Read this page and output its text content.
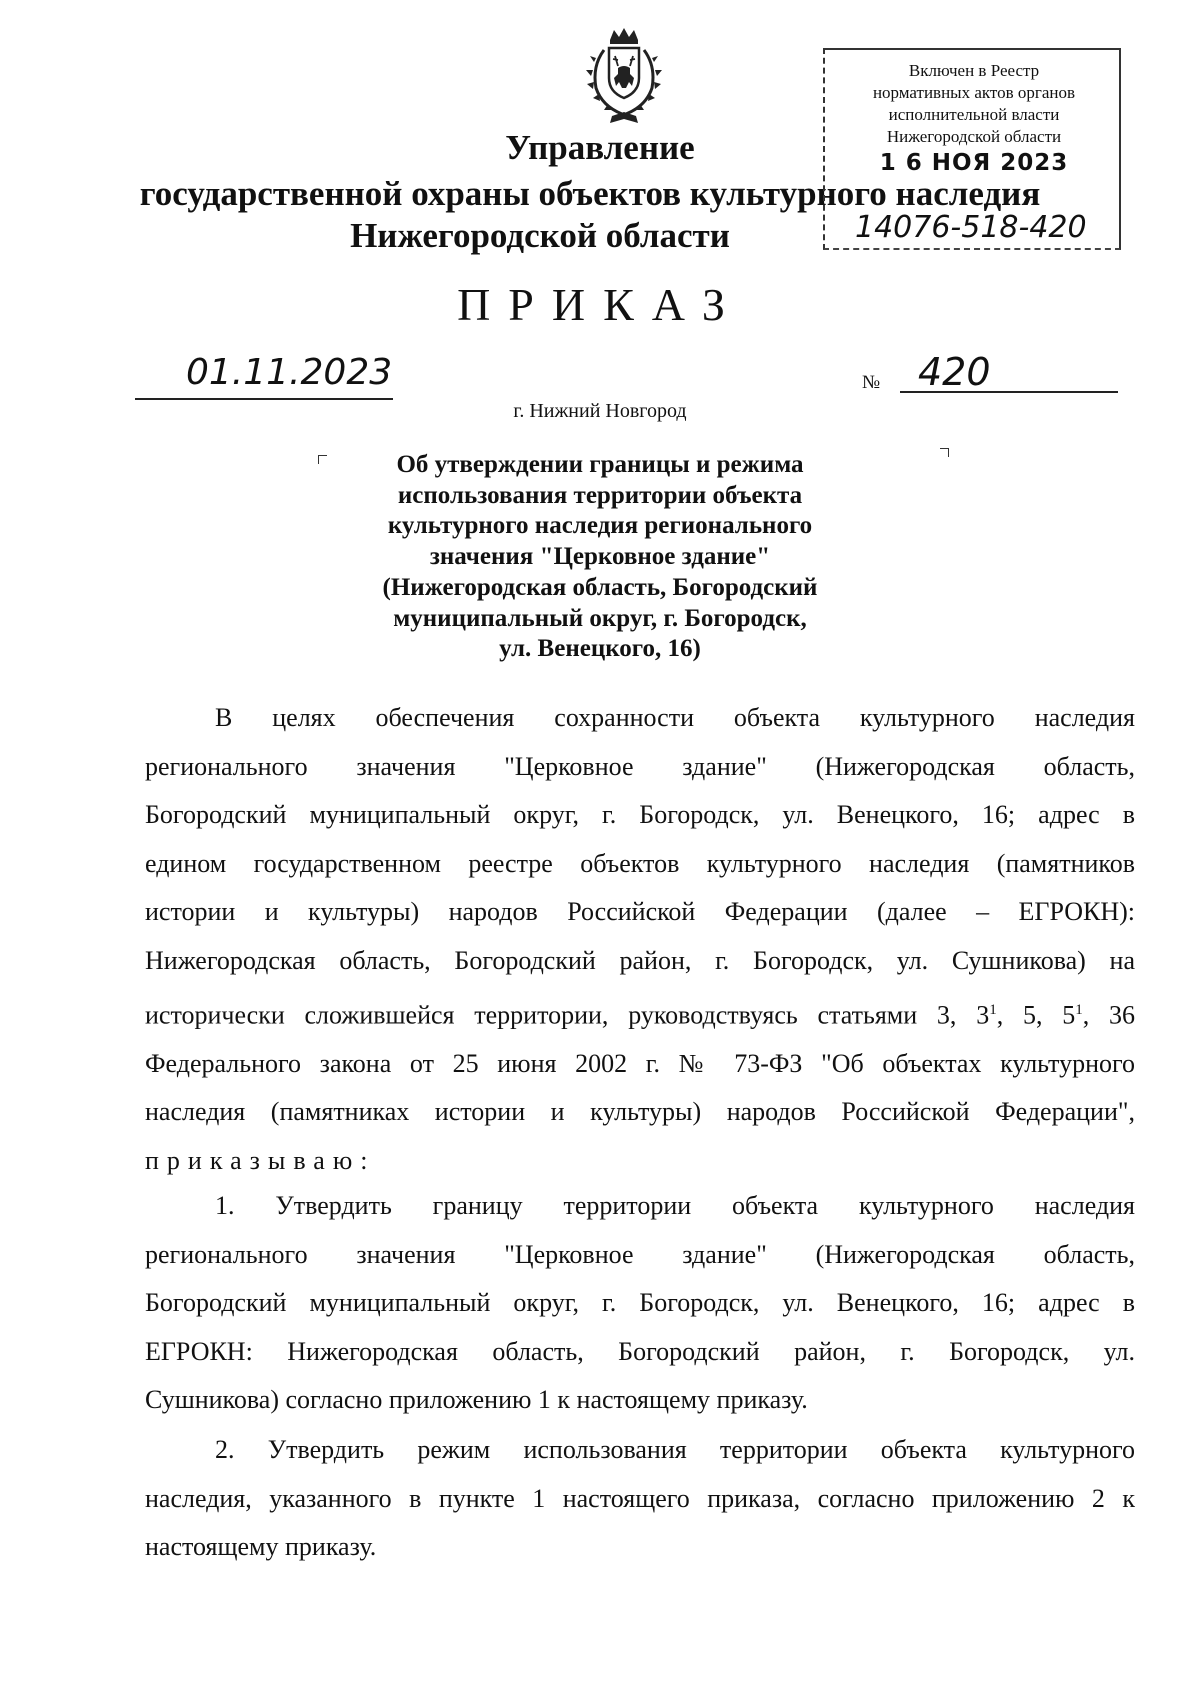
Управление
государственной охраны объектов культурного наследия
Нижегородской области
Включен в Реестр
нормативных актов органов
исполнительной власти
Нижегородской области
1 6 НОЯ 2023
14076-518-420
ПРИКАЗ
01.11.2023	№ 420
г. Нижний Новгород
Об утверждении границы и режима
использования территории объекта
культурного наследия регионального
значения "Церковное здание"
(Нижегородская область, Богородский
муниципальный округ, г. Богородск,
ул. Венецкого, 16)
В целях обеспечения сохранности объекта культурного наследия
регионального значения "Церковное здание" (Нижегородская область,
Богородский муниципальный округ, г. Богородск, ул. Венецкого, 16; адрес в
едином государственном реестре объектов культурного наследия (памятников
истории и культуры) народов Российской Федерации (далее – ЕГРОКН):
Нижегородская область, Богородский район, г. Богородск, ул. Сушникова) на
исторически сложившейся территории, руководствуясь статьями 3, $3^1$, 5, $5^1$, 36
Федерального закона от 25 июня 2002 г. № 73-ФЗ "Об объектах культурного
наследия (памятниках истории и культуры) народов Российской Федерации",
приказываю:
1. Утвердить границу территории объекта культурного наследия
регионального значения "Церковное здание" (Нижегородская область,
Богородский муниципальный округ, г. Богородск, ул. Венецкого, 16; адрес в
ЕГРОКН: Нижегородская область, Богородский район, г. Богородск, ул.
Сушникова) согласно приложению 1 к настоящему приказу.
2. Утвердить режим использования территории объекта культурного
наследия, указанного в пункте 1 настоящего приказа, согласно приложению 2 к
настоящему приказу.
